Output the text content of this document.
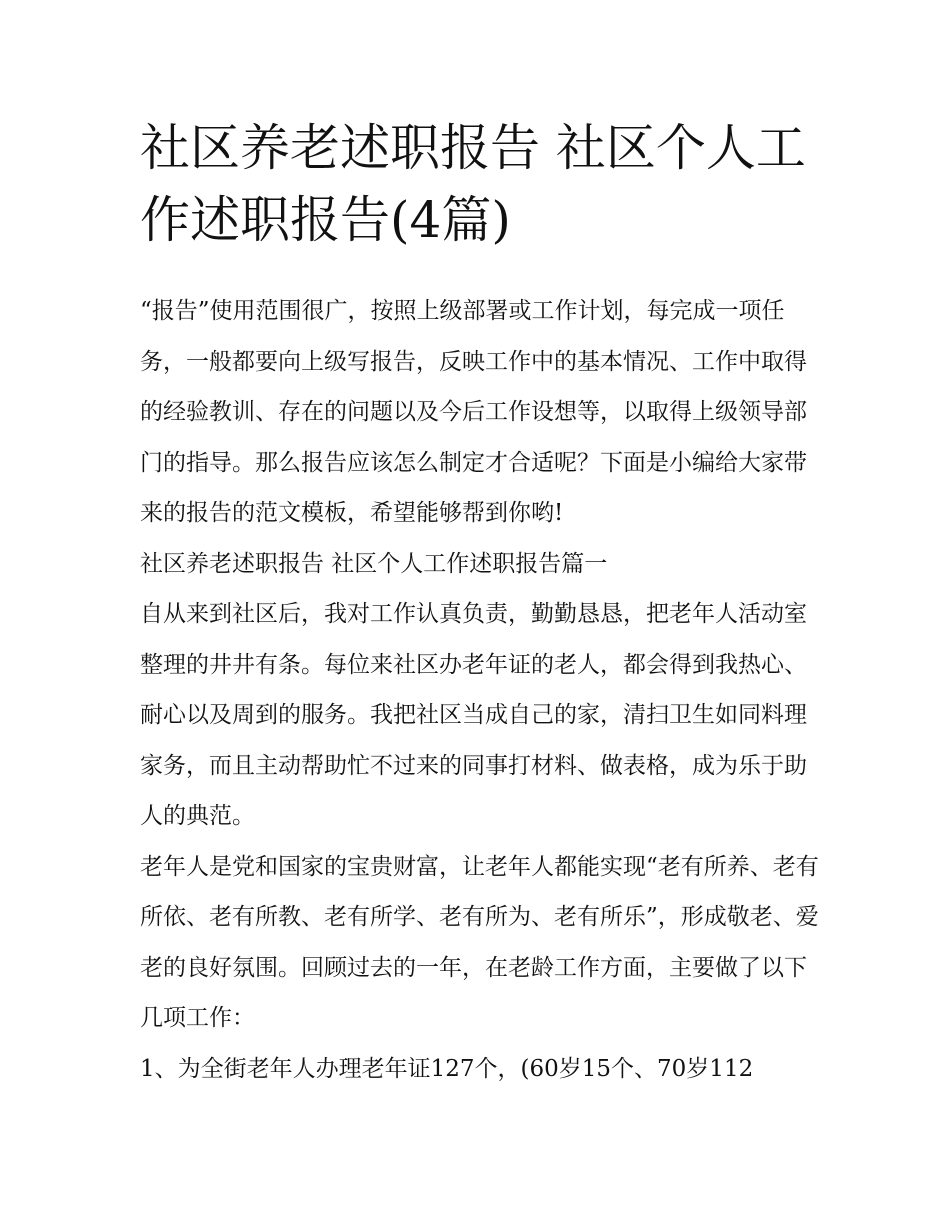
社区养老述职报告 社区个人工作述职报告(4篇)

“报告”使用范围很广，按照上级部署或工作计划，每完成一项任务，一般都要向上级写报告，反映工作中的基本情况、工作中取得的经验教训、存在的问题以及今后工作设想等，以取得上级领导部门的指导。那么报告应该怎么制定才合适呢？下面是小编给大家带来的报告的范文模板，希望能够帮到你哟!

社区养老述职报告 社区个人工作述职报告篇一

自从来到社区后，我对工作认真负责，勤勤恳恳，把老年人活动室整理的井井有条。每位来社区办老年证的老人，都会得到我热心、耐心以及周到的服务。我把社区当成自己的家，清扫卫生如同料理家务，而且主动帮助忙不过来的同事打材料、做表格，成为乐于助人的典范。

老年人是党和国家的宝贵财富，让老年人都能实现“老有所养、老有所依、老有所教、老有所学、老有所为、老有所乐”，形成敬老、爱老的良好氛围。回顾过去的一年，在老龄工作方面，主要做了以下几项工作：

1、为全街老年人办理老年证127个，(60岁15个、70岁112
